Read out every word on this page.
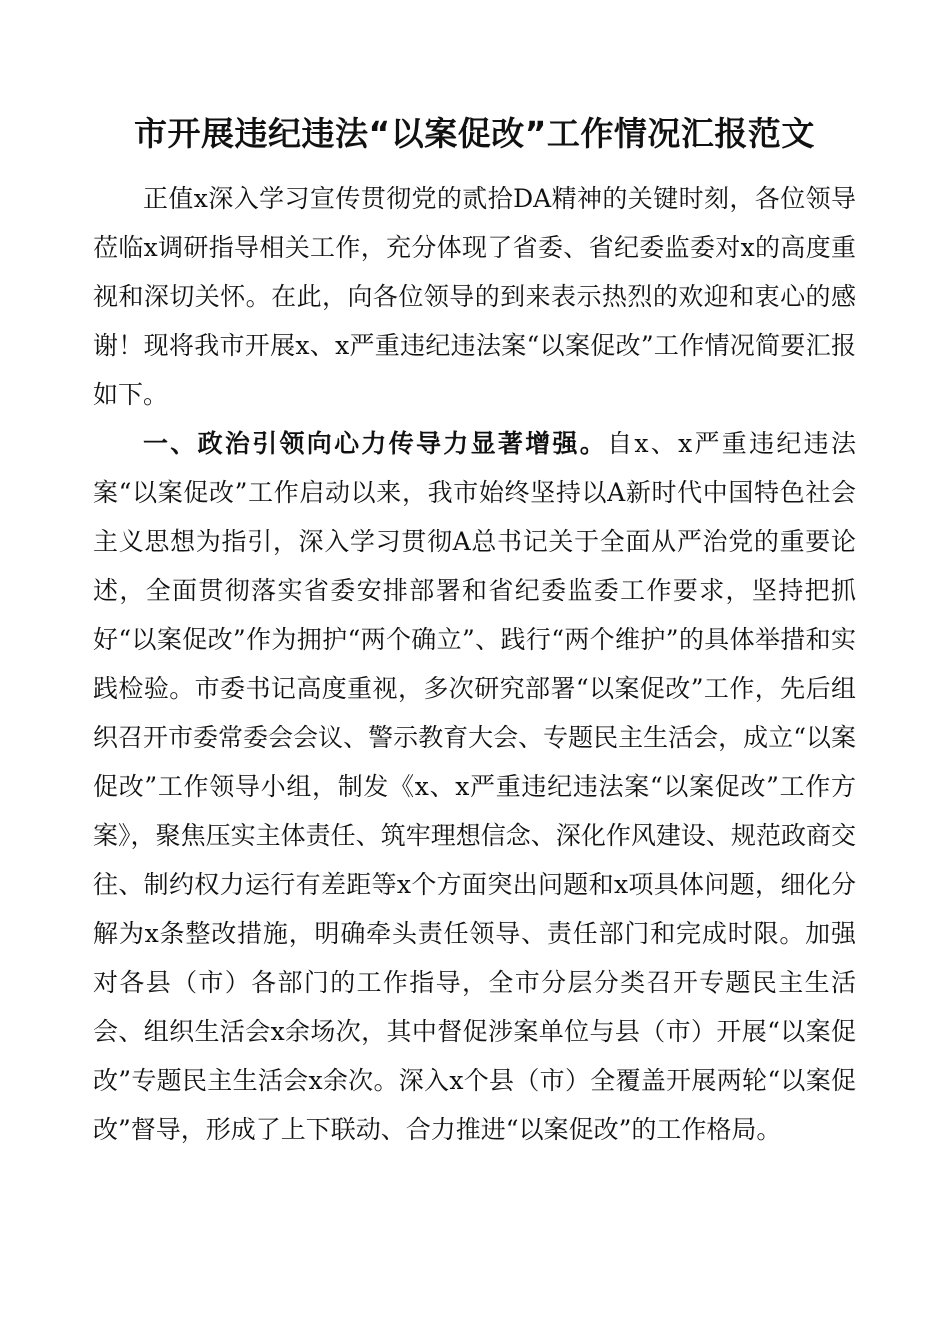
市开展违纪违法“以案促改”工作情况汇报范文

正值x深入学习宣传贯彻党的贰拾DA精神的关键时刻，各位领导莅临x调研指导相关工作，充分体现了省委、省纪委监委对x的高度重视和深切关怀。在此，向各位领导的到来表示热烈的欢迎和衷心的感谢！现将我市开展x、x严重违纪违法案“以案促改”工作情况简要汇报如下。

一、政治引领向心力传导力显著增强。自x、x严重违纪违法案“以案促改”工作启动以来，我市始终坚持以A新时代中国特色社会主义思想为指引，深入学习贯彻A总书记关于全面从严治党的重要论述，全面贯彻落实省委安排部署和省纪委监委工作要求，坚持把抓好“以案促改”作为拥护“两个确立”、践行“两个维护”的具体举措和实践检验。市委书记高度重视，多次研究部署“以案促改”工作，先后组织召开市委常委会会议、警示教育大会、专题民主生活会，成立“以案促改”工作领导小组，制发《x、x严重违纪违法案“以案促改”工作方案》，聚焦压实主体责任、筑牢理想信念、深化作风建设、规范政商交往、制约权力运行有差距等x个方面突出问题和x项具体问题，细化分解为x条整改措施，明确牵头责任领导、责任部门和完成时限。加强对各县（市）各部门的工作指导，全市分层分类召开专题民主生活会、组织生活会x余场次，其中督促涉案单位与县（市）开展“以案促改”专题民主生活会x余次。深入x个县（市）全覆盖开展两轮“以案促改”督导，形成了上下联动、合力推进“以案促改”的工作格局。
